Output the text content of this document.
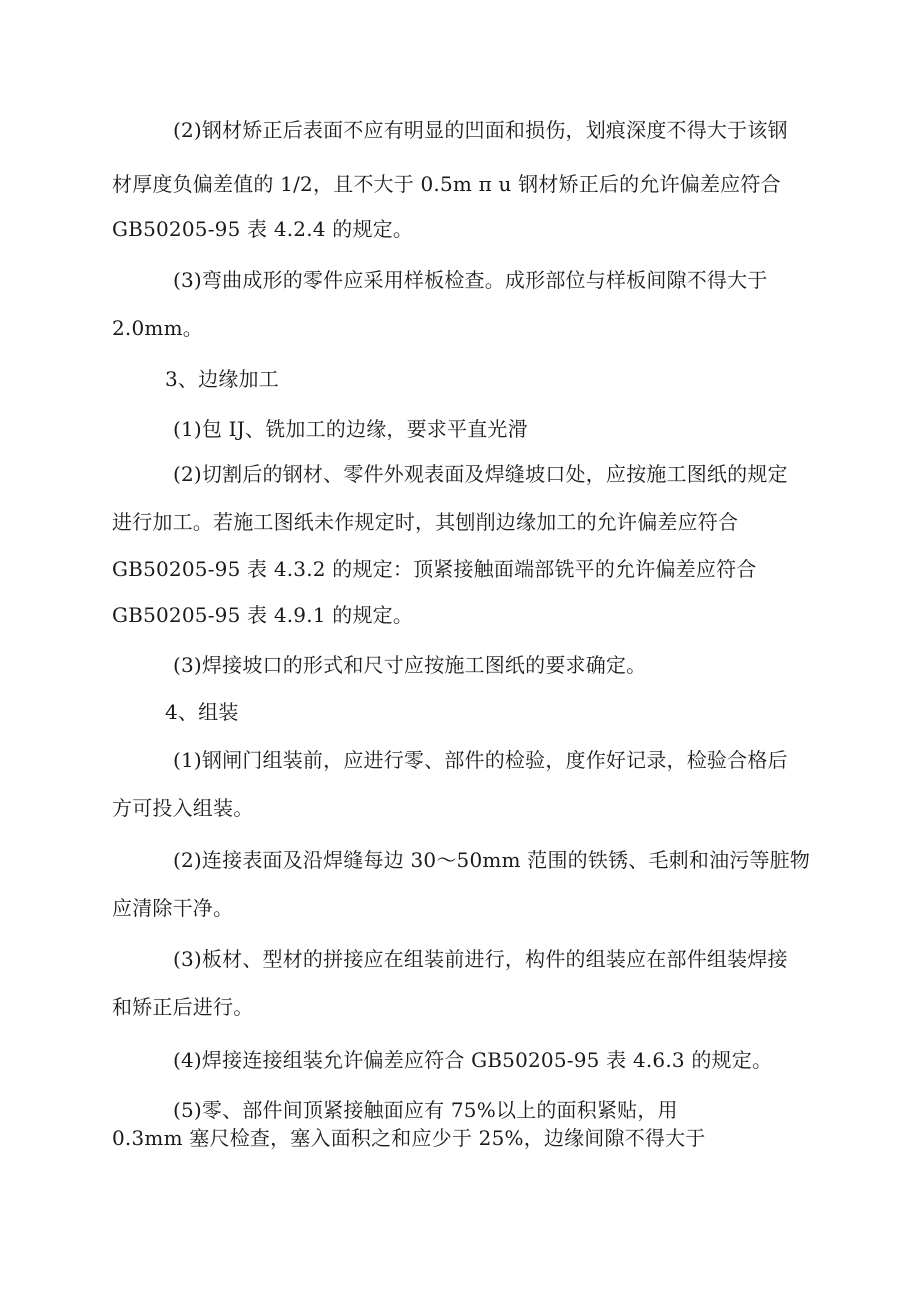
(2)钢材矫正后表面不应有明显的凹面和损伤，划痕深度不得大于该钢
材厚度负偏差值的 1/2，且不大于 0.5m π u 钢材矫正后的允许偏差应符合
GB50205-95 表 4.2.4 的规定。
(3)弯曲成形的零件应采用样板检查。成形部位与样板间隙不得大于
2.0mm。
3、边缘加工
(1)包 IJ、铣加工的边缘，要求平直光滑
(2)切割后的钢材、零件外观表面及焊缝坡口处，应按施工图纸的规定
进行加工。若施工图纸未作规定时，其刨削边缘加工的允许偏差应符合
GB50205-95 表 4.3.2 的规定：顶紧接触面端部铣平的允许偏差应符合
GB50205-95 表 4.9.1 的规定。
(3)焊接坡口的形式和尺寸应按施工图纸的要求确定。
4、组装
(1)钢闸门组装前，应进行零、部件的检验，度作好记录，检验合格后
方可投入组装。
(2)连接表面及沿焊缝每边 30～50mm 范围的铁锈、毛刺和油污等脏物
应清除干净。
(3)板材、型材的拼接应在组装前进行，构件的组装应在部件组装焊接
和矫正后进行。
(4)焊接连接组装允许偏差应符合 GB50205-95 表 4.6.3 的规定。
(5)零、部件间顶紧接触面应有 75%以上的面积紧贴，用
0.3mm 塞尺检查，塞入面积之和应少于 25%，边缘间隙不得大于
